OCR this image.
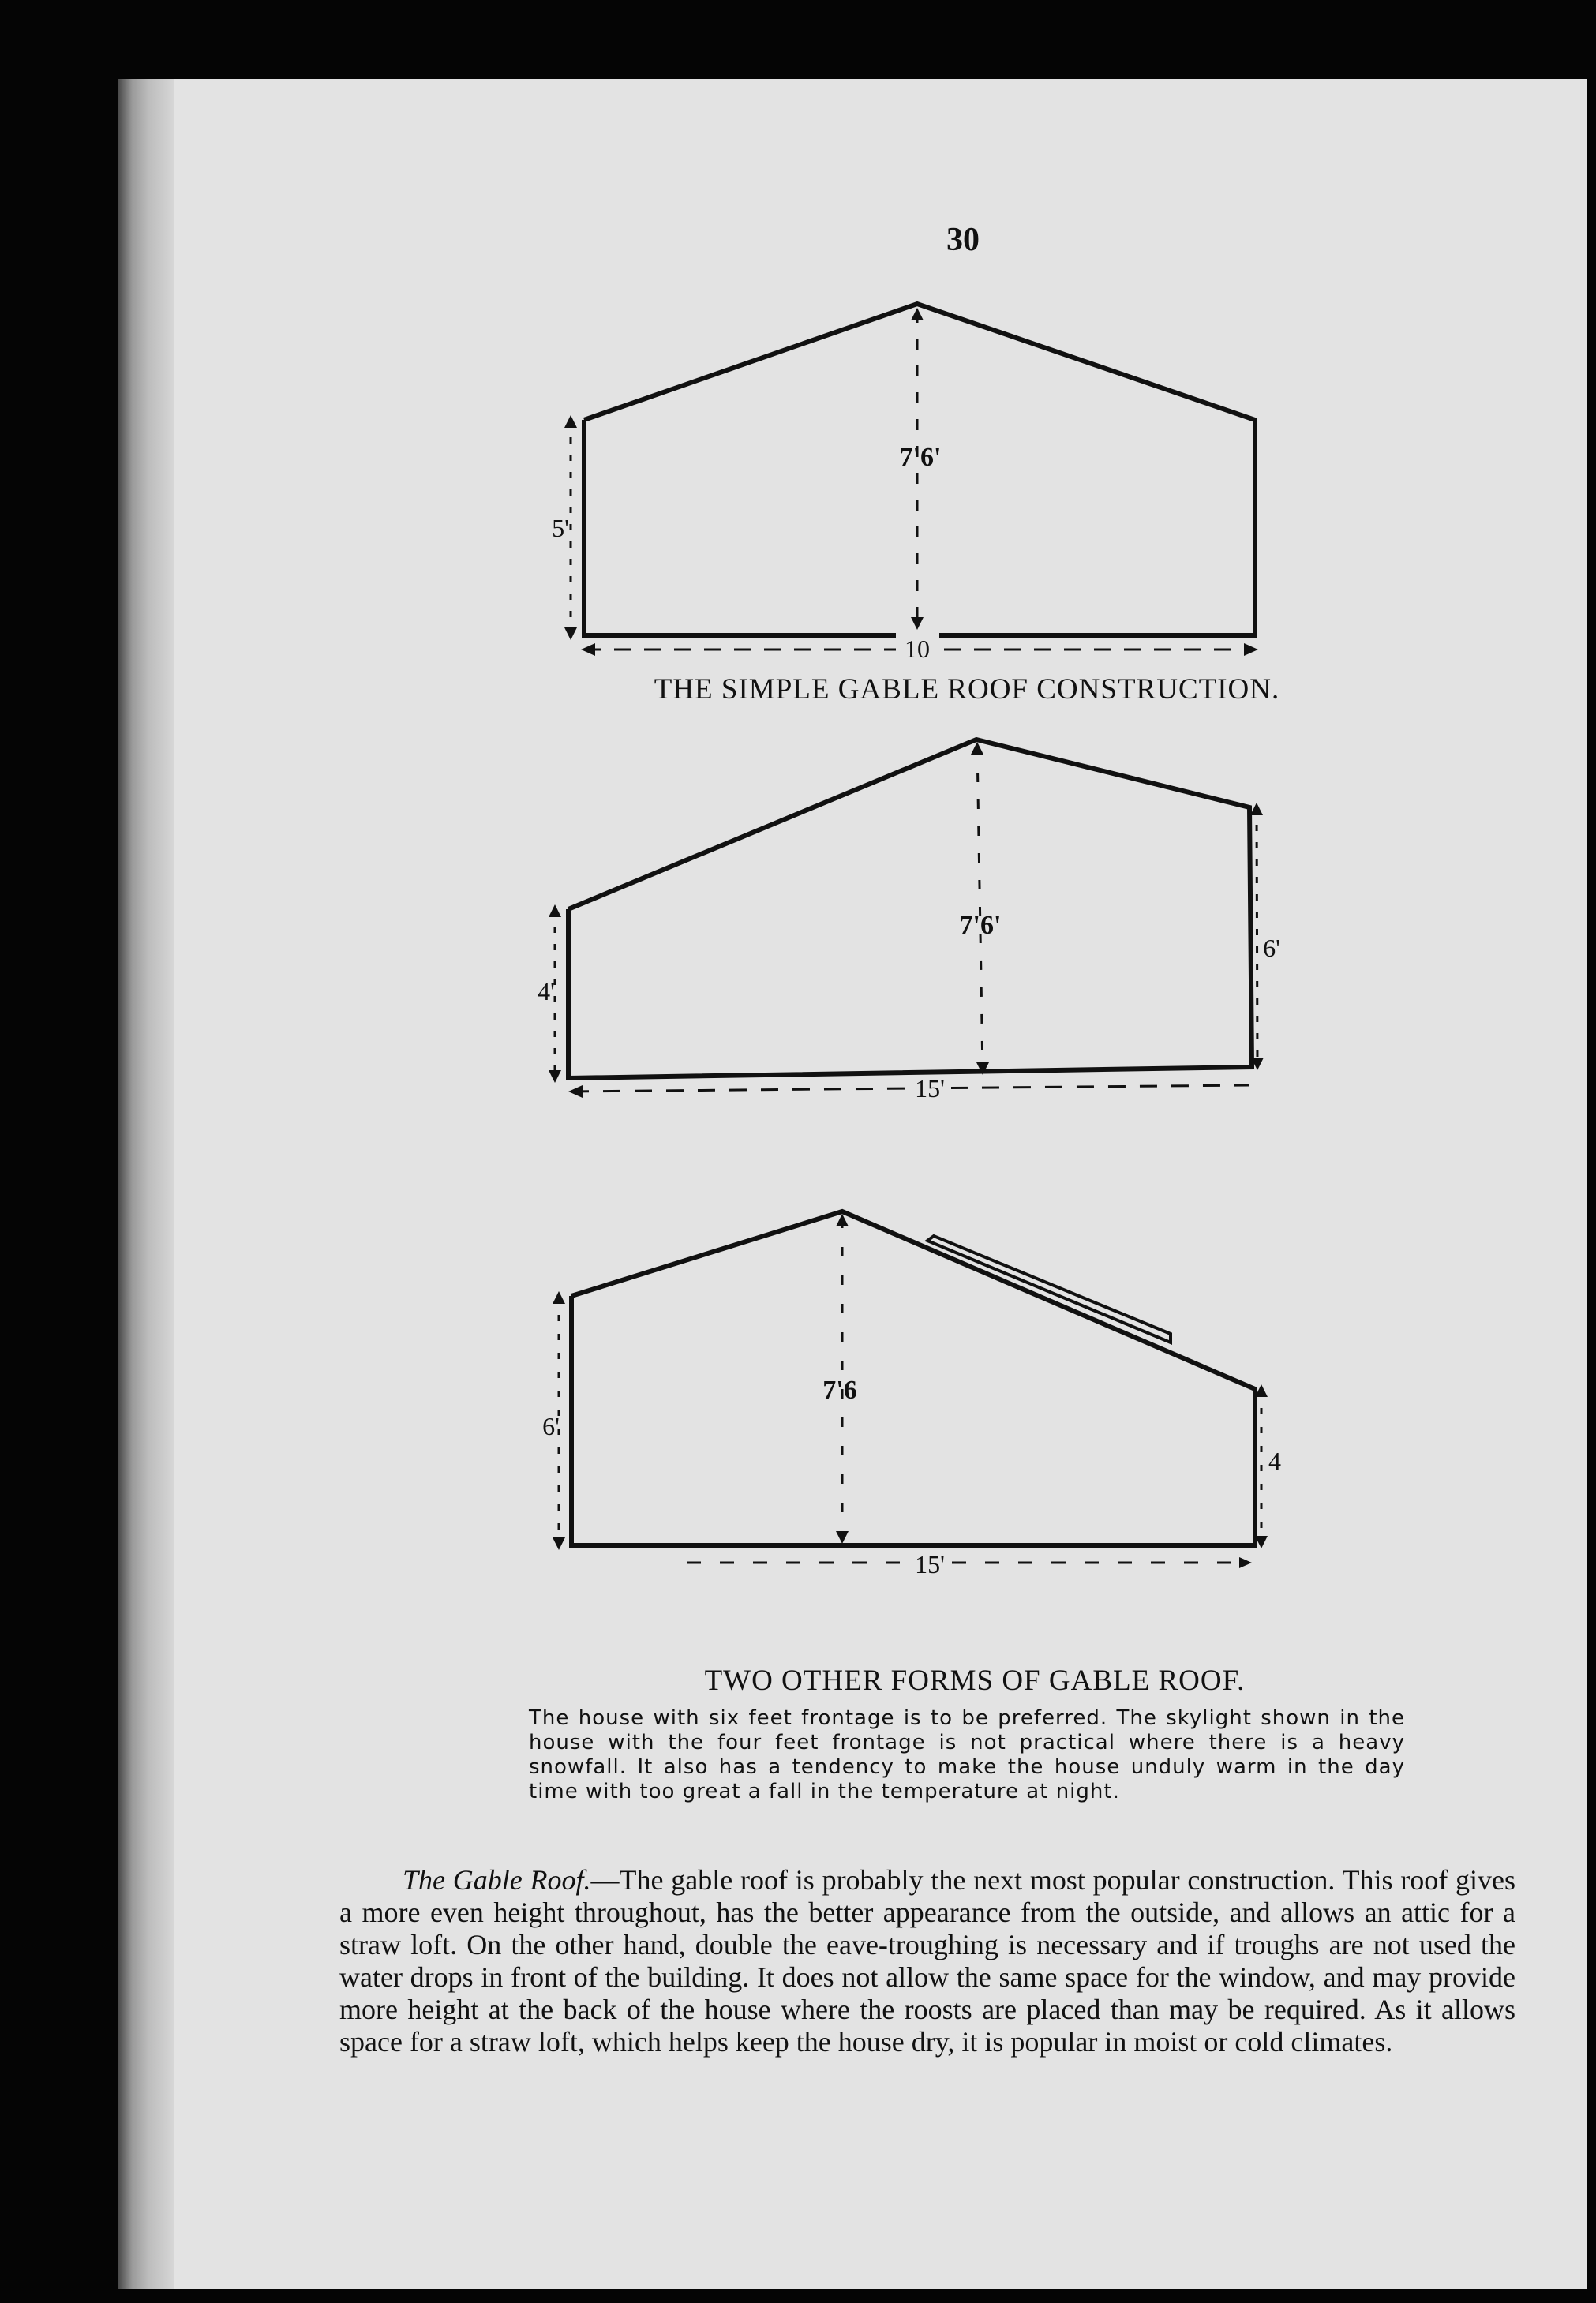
30
7'6'
5'
10
7'6'
6'
4'
15'
7'6
6'
4
15'

THE SIMPLE GABLE ROOF CONSTRUCTION.

TWO OTHER FORMS OF GABLE ROOF.

The house with six feet frontage is to be preferred. The skylight shown in the house with the four feet frontage is not practical where there is a heavy snowfall. It also has a tendency to make the house unduly warm in the day time with too great a fall in the temperature at night.

The Gable Roof.—The gable roof is probably the next most popular construction. This roof gives a more even height throughout, has the better appearance from the outside, and allows an attic for a straw loft. On the other hand, double the eave-troughing is necessary and if troughs are not used the water drops in front of the building. It does not allow the same space for the window, and may provide more height at the back of the house where the roosts are placed than may be required. As it allows space for a straw loft, which helps keep the house dry, it is popular in moist or cold climates.
